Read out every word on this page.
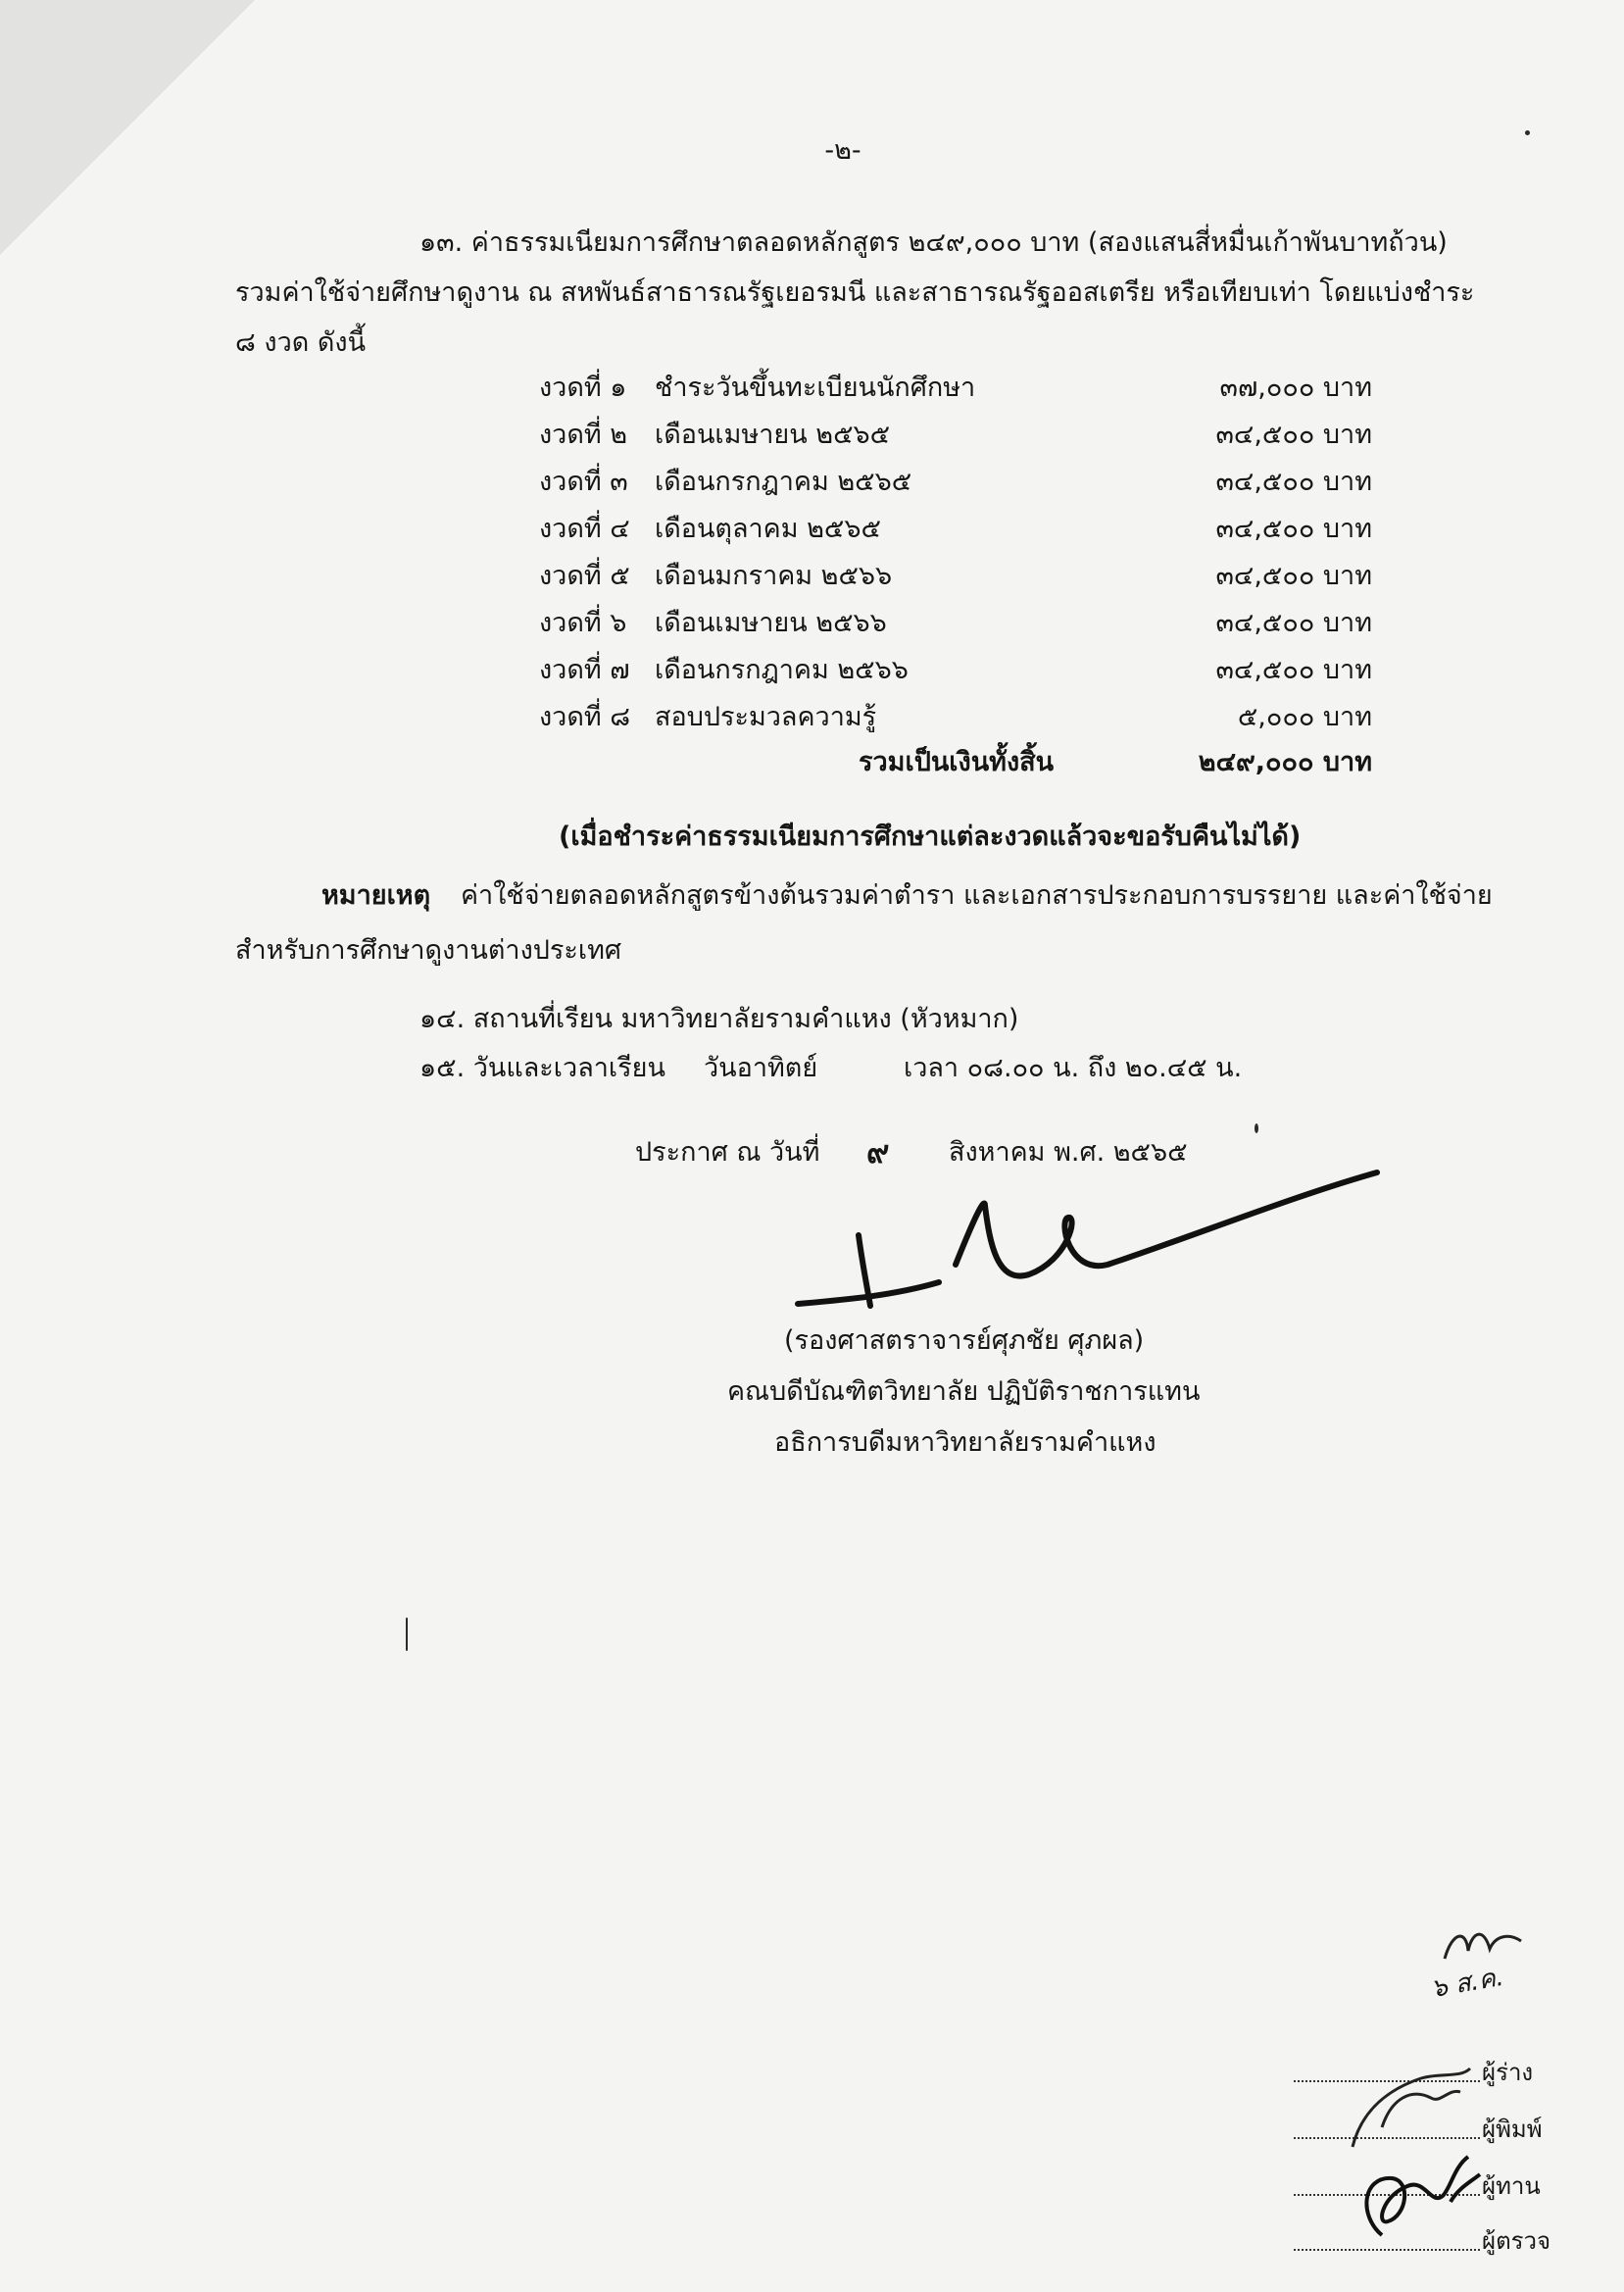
-๒-
๑๓. ค่าธรรมเนียมการศึกษาตลอดหลักสูตร ๒๔๙,๐๐๐ บาท (สองแสนสี่หมื่นเก้าพันบาทถ้วน)
รวมค่าใช้จ่ายศึกษาดูงาน ณ สหพันธ์สาธารณรัฐเยอรมนี และสาธารณรัฐออสเตรีย หรือเทียบเท่า โดยแบ่งชำระ
๘ งวด ดังนี้
งวดที่ ๑ ชำระวันขึ้นทะเบียนนักศึกษา	๓๗,๐๐๐ บาท
งวดที่ ๒ เดือนเมษายน ๒๕๖๕	๓๔,๕๐๐ บาท
งวดที่ ๓ เดือนกรกฎาคม ๒๕๖๕	๓๔,๕๐๐ บาท
งวดที่ ๔ เดือนตุลาคม ๒๕๖๕	๓๔,๕๐๐ บาท
งวดที่ ๕ เดือนมกราคม ๒๕๖๖	๓๔,๕๐๐ บาท
งวดที่ ๖ เดือนเมษายน ๒๕๖๖	๓๔,๕๐๐ บาท
งวดที่ ๗ เดือนกรกฎาคม ๒๕๖๖	๓๔,๕๐๐ บาท
งวดที่ ๘ สอบประมวลความรู้	๕,๐๐๐ บาท
รวมเป็นเงินทั้งสิ้น	๒๔๙,๐๐๐ บาท
(เมื่อชำระค่าธรรมเนียมการศึกษาแต่ละงวดแล้วจะขอรับคืนไม่ได้)
หมายเหตุ ค่าใช้จ่ายตลอดหลักสูตรข้างต้นรวมค่าตำรา และเอกสารประกอบการบรรยาย และค่าใช้จ่าย
สำหรับการศึกษาดูงานต่างประเทศ
๑๔. สถานที่เรียน มหาวิทยาลัยรามคำแหง (หัวหมาก)
๑๕. วันและเวลาเรียน วันอาทิตย์	เวลา ๐๘.๐๐ น. ถึง ๒๐.๔๕ น.
ประกาศ ณ วันที่ ๙ สิงหาคม พ.ศ. ๒๕๖๕
(รองศาสตราจารย์ศุภชัย ศุภผล)
คณบดีบัณฑิตวิทยาลัย ปฏิบัติราชการแทน
อธิการบดีมหาวิทยาลัยรามคำแหง
๖ ส.ค.
ผู้ร่าง
ผู้พิมพ์
ผู้ทาน
ผู้ตรวจ
